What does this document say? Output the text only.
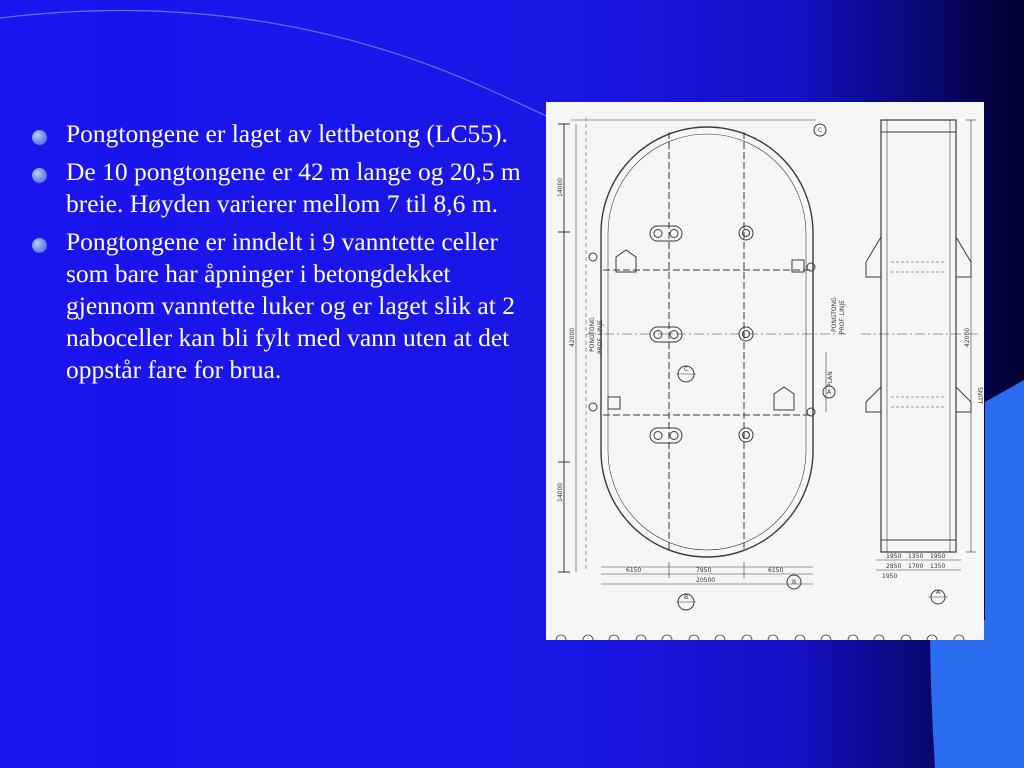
Pongtongene er laget av lettbetong (LC55).
De 10 pongtongene er 42 m lange og 20,5 m breie. Høyden varierer mellom 7 til 8,6 m.
Pongtongene er inndelt i 9 vanntette celler som bare har åpninger i betongdekket gjennom vanntette luker og er laget slik at 2 naboceller kan bli fylt med vann uten at det oppstår fare for brua.
14000
14000
42000	42000
6150	7950	6150
20500
1950 1350 1950
2850 1700 1350
1950
PONGTONG PROF. LINJE
PONGTONG PROF. LINJE
PLAN
C
B
A
C
B
A
SNITT
